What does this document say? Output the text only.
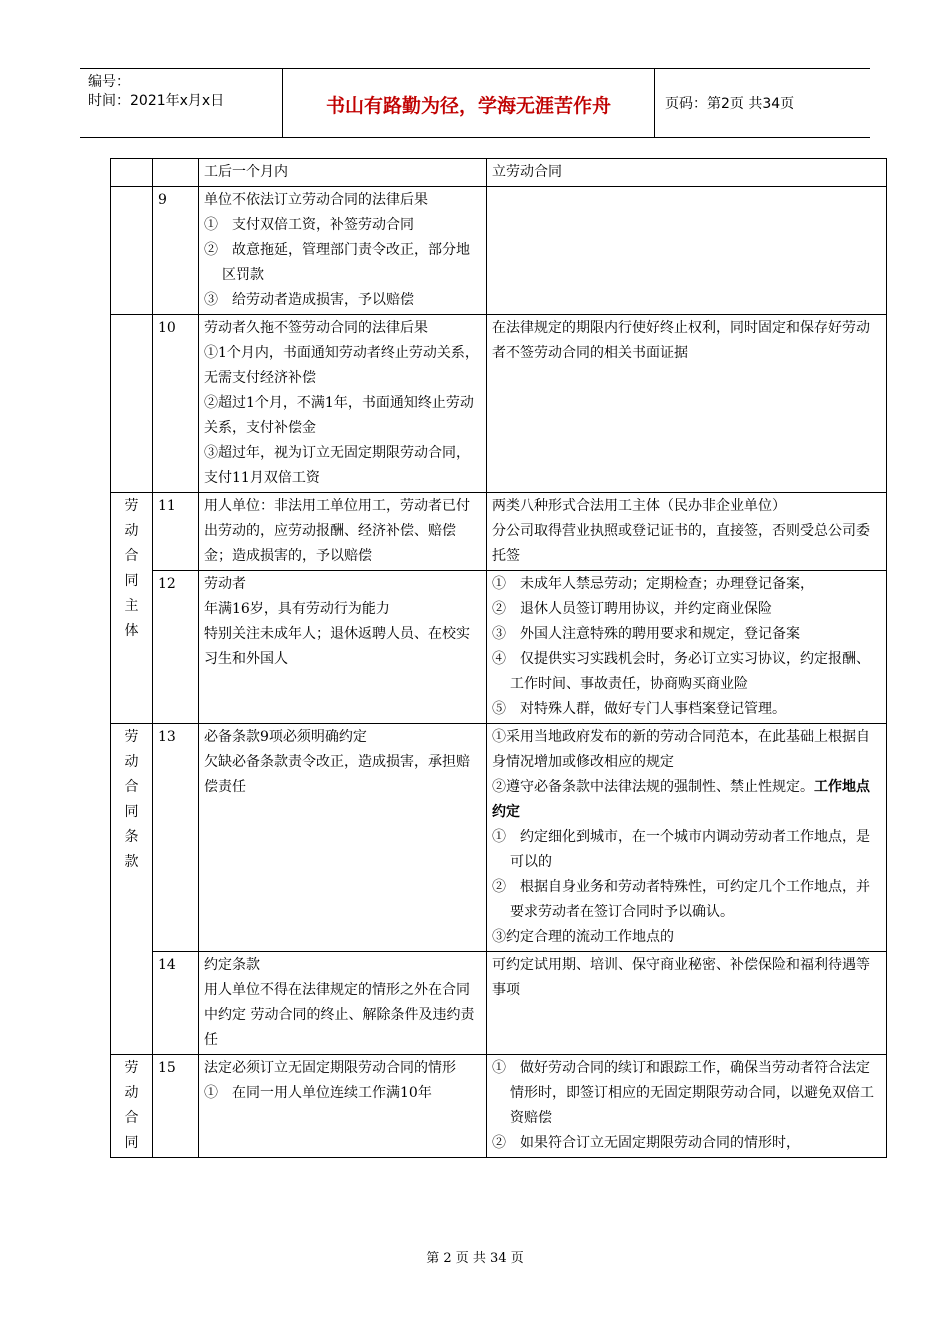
编号：
时间：2021年x月x日	书山有路勤为径，学海无涯苦作舟	页码：第2页 共34页

		工后一个月内	立劳动合同

	9	单位不依法订立劳动合同的法律后果
①　支付双倍工资，补签劳动合同
②　故意拖延，管理部门责令改正，部分地区罚款
③　给劳动者造成损害，予以赔偿	

	10	劳动者久拖不签劳动合同的法律后果
①1个月内，书面通知劳动者终止劳动关系，无需支付经济补偿
②超过1个月，不满1年，书面通知终止劳动关系，支付补偿金
③超过年，视为订立无固定期限劳动合同，支付11月双倍工资	在法律规定的期限内行使好终止权利，同时固定和保存好劳动者不签劳动合同的相关书面证据

劳动合同主体	11	用人单位：非法用工单位用工，劳动者已付出劳动的，应劳动报酬、经济补偿、赔偿金；造成损害的，予以赔偿	两类八种形式合法用工主体（民办非企业单位）
分公司取得营业执照或登记证书的，直接签，否则受总公司委托签

	12	劳动者
年满16岁，具有劳动行为能力
特别关注未成年人；退休返聘人员、在校实习生和外国人	①　未成年人禁忌劳动；定期检查；办理登记备案，
②　退休人员签订聘用协议，并约定商业保险
③　外国人注意特殊的聘用要求和规定，登记备案
④　仅提供实习实践机会时，务必订立实习协议，约定报酬、工作时间、事故责任，协商购买商业险
⑤　对特殊人群，做好专门人事档案登记管理。

劳动合同条款	13	必备条款9项必须明确约定
欠缺必备条款责令改正，造成损害，承担赔偿责任	①采用当地政府发布的新的劳动合同范本，在此基础上根据自身情况增加或修改相应的规定
②遵守必备条款中法律法规的强制性、禁止性规定。工作地点约定
①　约定细化到城市，在一个城市内调动劳动者工作地点，是可以的
②　根据自身业务和劳动者特殊性，可约定几个工作地点，并要求劳动者在签订合同时予以确认。
③约定合理的流动工作地点的

	14	约定条款
用人单位不得在法律规定的情形之外在合同中约定 劳动合同的终止、解除条件及违约责任	可约定试用期、培训、保守商业秘密、补偿保险和福利待遇等事项

劳动合同	15	法定必须订立无固定期限劳动合同的情形
①　在同一用人单位连续工作满10年	①　做好劳动合同的续订和跟踪工作，确保当劳动者符合法定情形时，即签订相应的无固定期限劳动合同，以避免双倍工资赔偿
②　如果符合订立无固定期限劳动合同的情形时，
第 2 页 共 34 页
